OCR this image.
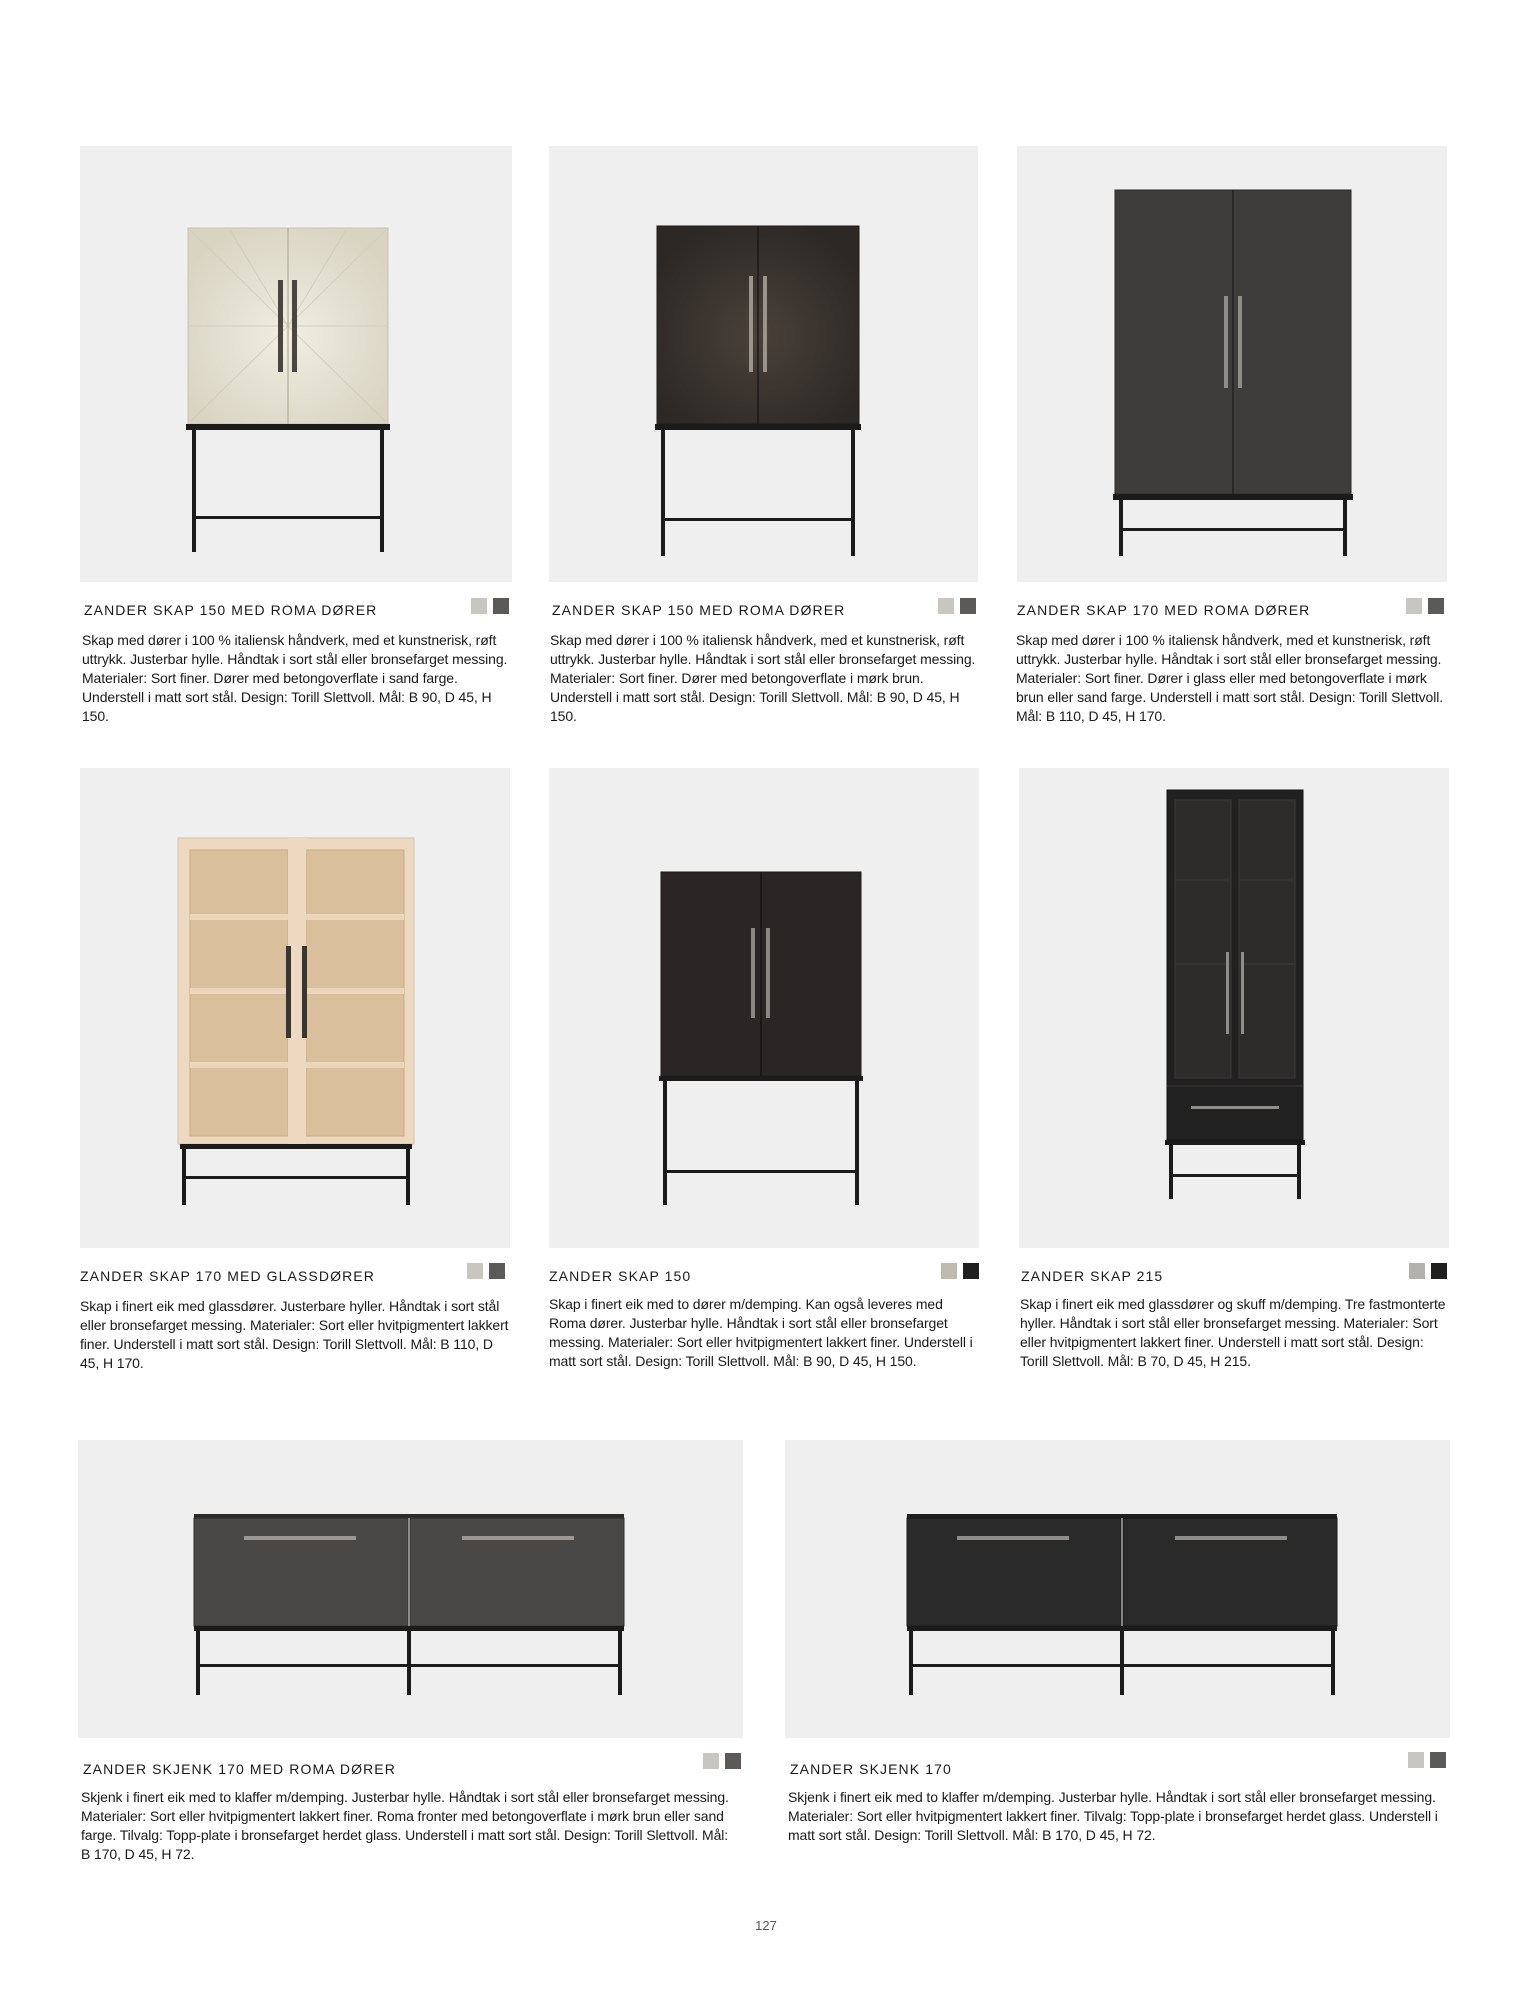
ZANDER SKAP 150 MED ROMA DØRER

Skap med dører i 100 % italiensk håndverk, med et kunstnerisk, røft uttrykk. Justerbar hylle. Håndtak i sort stål eller bronsefarget messing. Materialer: Sort finer. Dører med betongoverflate i sand farge. Understell i matt sort stål. Design: Torill Slettvoll. Mål: B 90, D 45, H 150.

ZANDER SKAP 150 MED ROMA DØRER

Skap med dører i 100 % italiensk håndverk, med et kunstnerisk, røft uttrykk. Justerbar hylle. Håndtak i sort stål eller bronsefarget messing. Materialer: Sort finer. Dører med betongoverflate i mørk brun. Understell i matt sort stål. Design: Torill Slettvoll. Mål: B 90, D 45, H 150.

ZANDER SKAP 170 MED ROMA DØRER

Skap med dører i 100 % italiensk håndverk, med et kunstnerisk, røft uttrykk. Justerbar hylle. Håndtak i sort stål eller bronsefarget messing. Materialer: Sort finer. Dører i glass eller med betongoverflate i mørk brun eller sand farge. Understell i matt sort stål. Design: Torill Slettvoll. Mål: B 110, D 45, H 170.

ZANDER SKAP 170 MED GLASSDØRER

Skap i finert eik med glassdører. Justerbare hyller. Håndtak i sort stål eller bronsefarget messing. Materialer: Sort eller hvitpigmentert lakkert finer. Understell i matt sort stål. Design: Torill Slettvoll. Mål: B 110, D 45, H 170.

ZANDER SKAP 150

Skap i finert eik med to dører m/demping. Kan også leveres med Roma dører. Justerbar hylle. Håndtak i sort stål eller bronsefarget messing. Materialer: Sort eller hvitpigmentert lakkert finer. Understell i matt sort stål. Design: Torill Slettvoll. Mål: B 90, D 45, H 150.

ZANDER SKAP 215

Skap i finert eik med glassdører og skuff m/demping. Tre fastmonterte hyller. Håndtak i sort stål eller bronsefarget messing. Materialer: Sort eller hvitpigmentert lakkert finer. Understell i matt sort stål. Design: Torill Slettvoll. Mål: B 70, D 45, H 215.

ZANDER SKJENK 170 MED ROMA DØRER

Skjenk i finert eik med to klaffer m/demping. Justerbar hylle. Håndtak i sort stål eller bronsefarget messing. Materialer: Sort eller hvitpigmentert lakkert finer. Roma fronter med betongoverflate i mørk brun eller sand farge. Tilvalg: Topp-plate i bronsefarget herdet glass. Understell i matt sort stål. Design: Torill Slettvoll. Mål: B 170, D 45, H 72.

ZANDER SKJENK 170

Skjenk i finert eik med to klaffer m/demping. Justerbar hylle. Håndtak i sort stål eller bronsefarget messing. Materialer: Sort eller hvitpigmentert lakkert finer. Tilvalg: Topp-plate i bronsefarget herdet glass. Understell i matt sort stål. Design: Torill Slettvoll. Mål: B 170, D 45, H 72.

127
